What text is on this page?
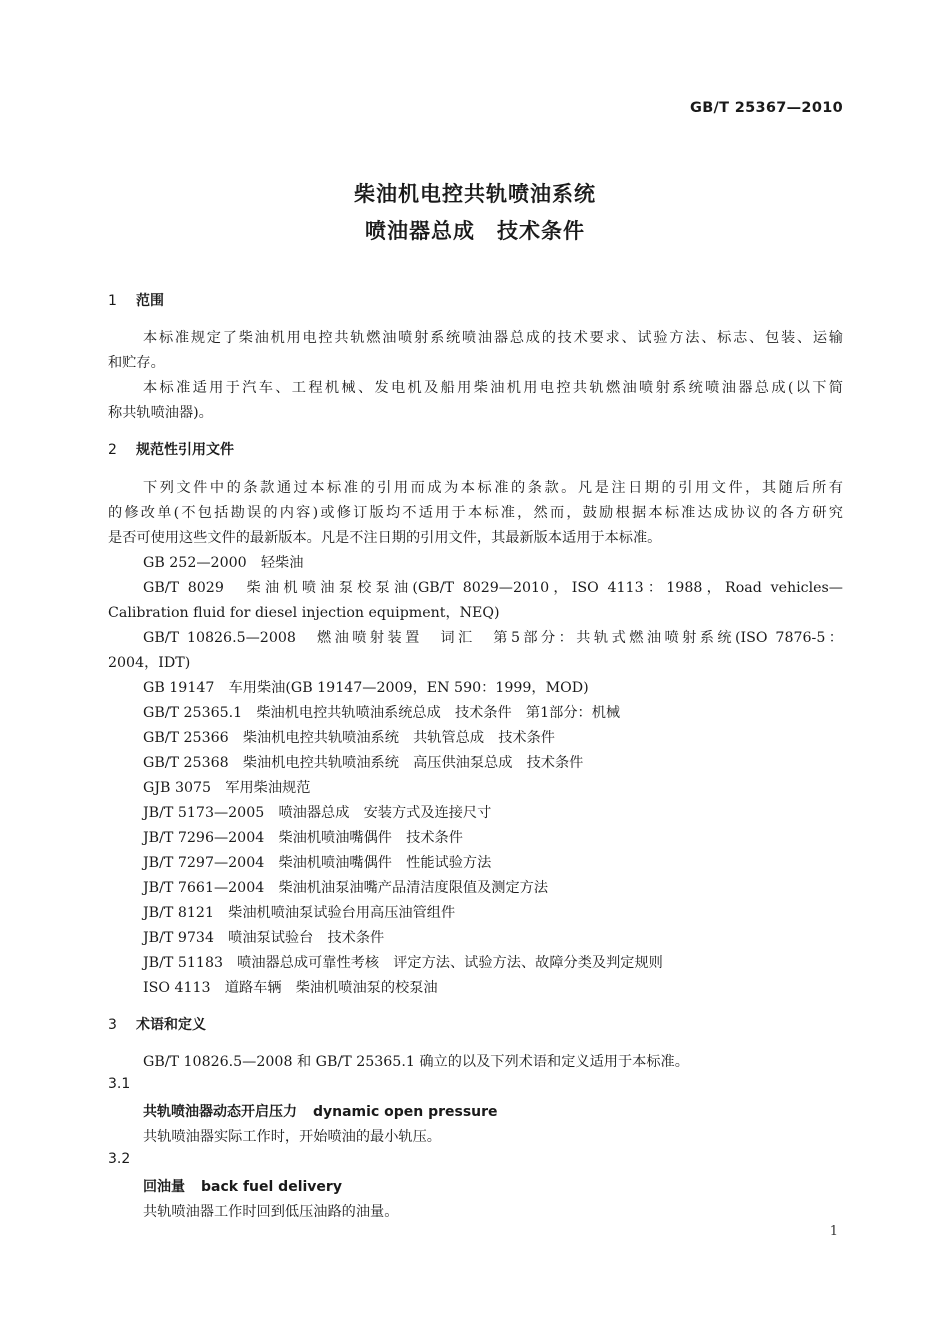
GB/T 25367—2010
柴油机电控共轨喷油系统
喷油器总成　技术条件
1 范围
本标准规定了柴油机用电控共轨燃油喷射系统喷油器总成的技术要求、试验方法、标志、包装、运输
和贮存。
本标准适用于汽车、工程机械、发电机及船用柴油机用电控共轨燃油喷射系统喷油器总成(以下简
称共轨喷油器)。
2 规范性引用文件
下列文件中的条款通过本标准的引用而成为本标准的条款。凡是注日期的引用文件，其随后所有
的修改单(不包括勘误的内容)或修订版均不适用于本标准，然而，鼓励根据本标准达成协议的各方研究
是否可使用这些文件的最新版本。凡是不注日期的引用文件，其最新版本适用于本标准。
GB 252—2000　轻柴油
GB/T 8029　柴油机喷油泵校泵油(GB/T 8029—2010，ISO 4113：1988，Road vehicles—
Calibration fluid for diesel injection equipment，NEQ)
GB/T 10826.5—2008　燃油喷射装置　词汇　第5部分：共轨式燃油喷射系统(ISO 7876-5：
2004，IDT)
GB 19147　车用柴油(GB 19147—2009，EN 590：1999，MOD)
GB/T 25365.1　柴油机电控共轨喷油系统总成　技术条件　第1部分：机械
GB/T 25366　柴油机电控共轨喷油系统　共轨管总成　技术条件
GB/T 25368　柴油机电控共轨喷油系统　高压供油泵总成　技术条件
GJB 3075　军用柴油规范
JB/T 5173—2005　喷油器总成　安装方式及连接尺寸
JB/T 7296—2004　柴油机喷油嘴偶件　技术条件
JB/T 7297—2004　柴油机喷油嘴偶件　性能试验方法
JB/T 7661—2004　柴油机油泵油嘴产品清洁度限值及测定方法
JB/T 8121　柴油机喷油泵试验台用高压油管组件
JB/T 9734　喷油泵试验台　技术条件
JB/T 51183　喷油器总成可靠性考核　评定方法、试验方法、故障分类及判定规则
ISO 4113　道路车辆　柴油机喷油泵的校泵油
3 术语和定义
GB/T 10826.5—2008 和 GB/T 25365.1 确立的以及下列术语和定义适用于本标准。
3.1
共轨喷油器动态开启压力 dynamic open pressure
共轨喷油器实际工作时，开始喷油的最小轨压。
3.2
回油量 back fuel delivery
共轨喷油器工作时回到低压油路的油量。
1
